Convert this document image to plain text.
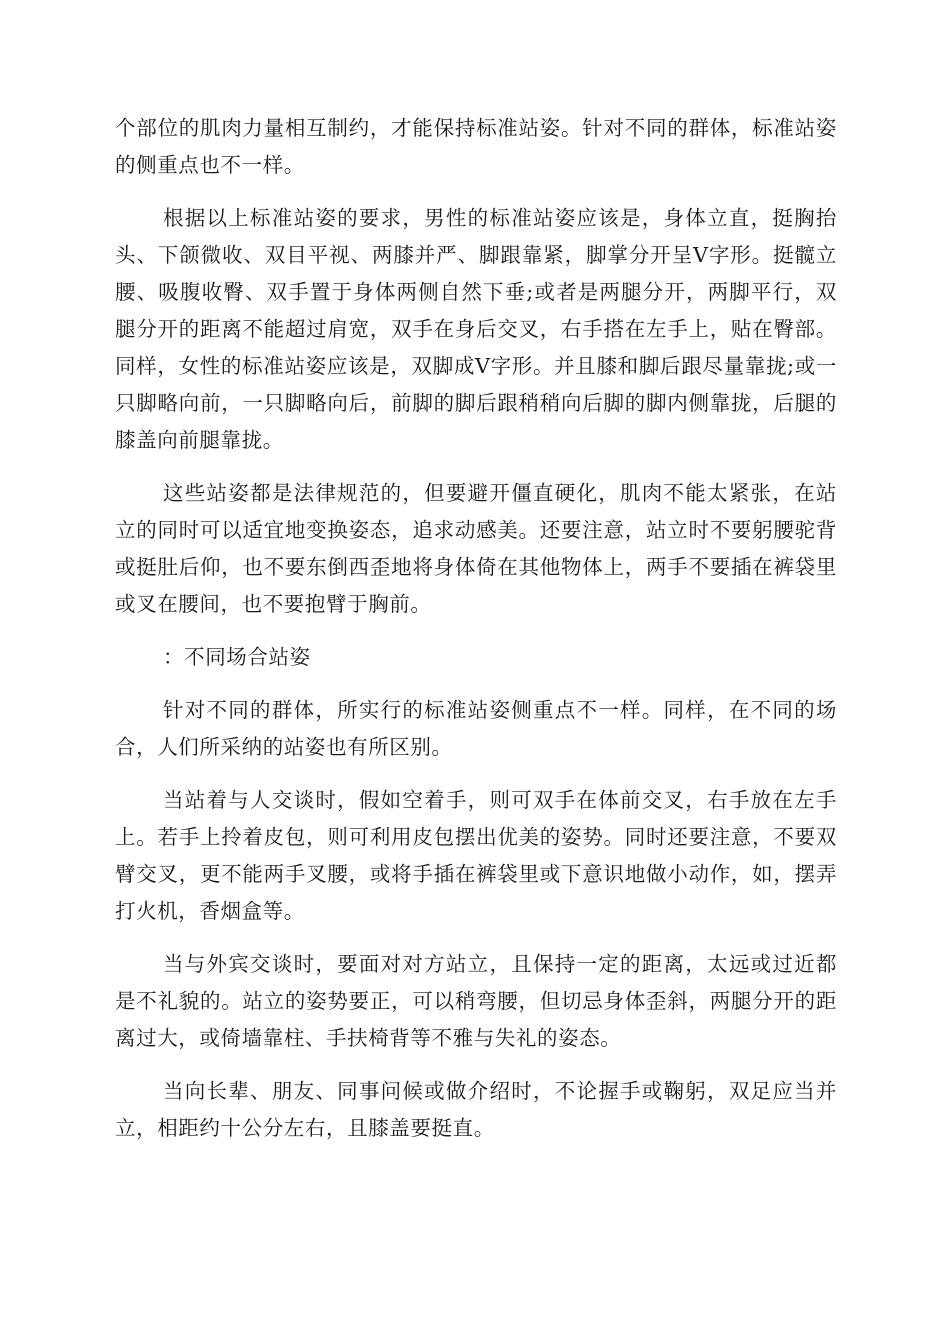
个部位的肌肉力量相互制约，才能保持标准站姿。针对不同的群体，标准站姿的侧重点也不一样。

根据以上标准站姿的要求，男性的标准站姿应该是，身体立直，挺胸抬头、下颌微收、双目平视、两膝并严、脚跟靠紧，脚掌分开呈V字形。挺髋立腰、吸腹收臀、双手置于身体两侧自然下垂;或者是两腿分开，两脚平行，双腿分开的距离不能超过肩宽，双手在身后交叉，右手搭在左手上，贴在臀部。同样，女性的标准站姿应该是，双脚成V字形。并且膝和脚后跟尽量靠拢;或一只脚略向前，一只脚略向后，前脚的脚后跟稍稍向后脚的脚内侧靠拢，后腿的膝盖向前腿靠拢。

这些站姿都是法律规范的，但要避开僵直硬化，肌肉不能太紧张，在站立的同时可以适宜地变换姿态，追求动感美。还要注意，站立时不要躬腰驼背或挺肚后仰，也不要东倒西歪地将身体倚在其他物体上，两手不要插在裤袋里或叉在腰间，也不要抱臂于胸前。

：不同场合站姿

针对不同的群体，所实行的标准站姿侧重点不一样。同样，在不同的场合，人们所采纳的站姿也有所区别。

当站着与人交谈时，假如空着手，则可双手在体前交叉，右手放在左手上。若手上拎着皮包，则可利用皮包摆出优美的姿势。同时还要注意，不要双臂交叉，更不能两手叉腰，或将手插在裤袋里或下意识地做小动作，如，摆弄打火机，香烟盒等。

当与外宾交谈时，要面对对方站立，且保持一定的距离，太远或过近都是不礼貌的。站立的姿势要正，可以稍弯腰，但切忌身体歪斜，两腿分开的距离过大，或倚墙靠柱、手扶椅背等不雅与失礼的姿态。

当向长辈、朋友、同事问候或做介绍时，不论握手或鞠躬，双足应当并立，相距约十公分左右，且膝盖要挺直。
